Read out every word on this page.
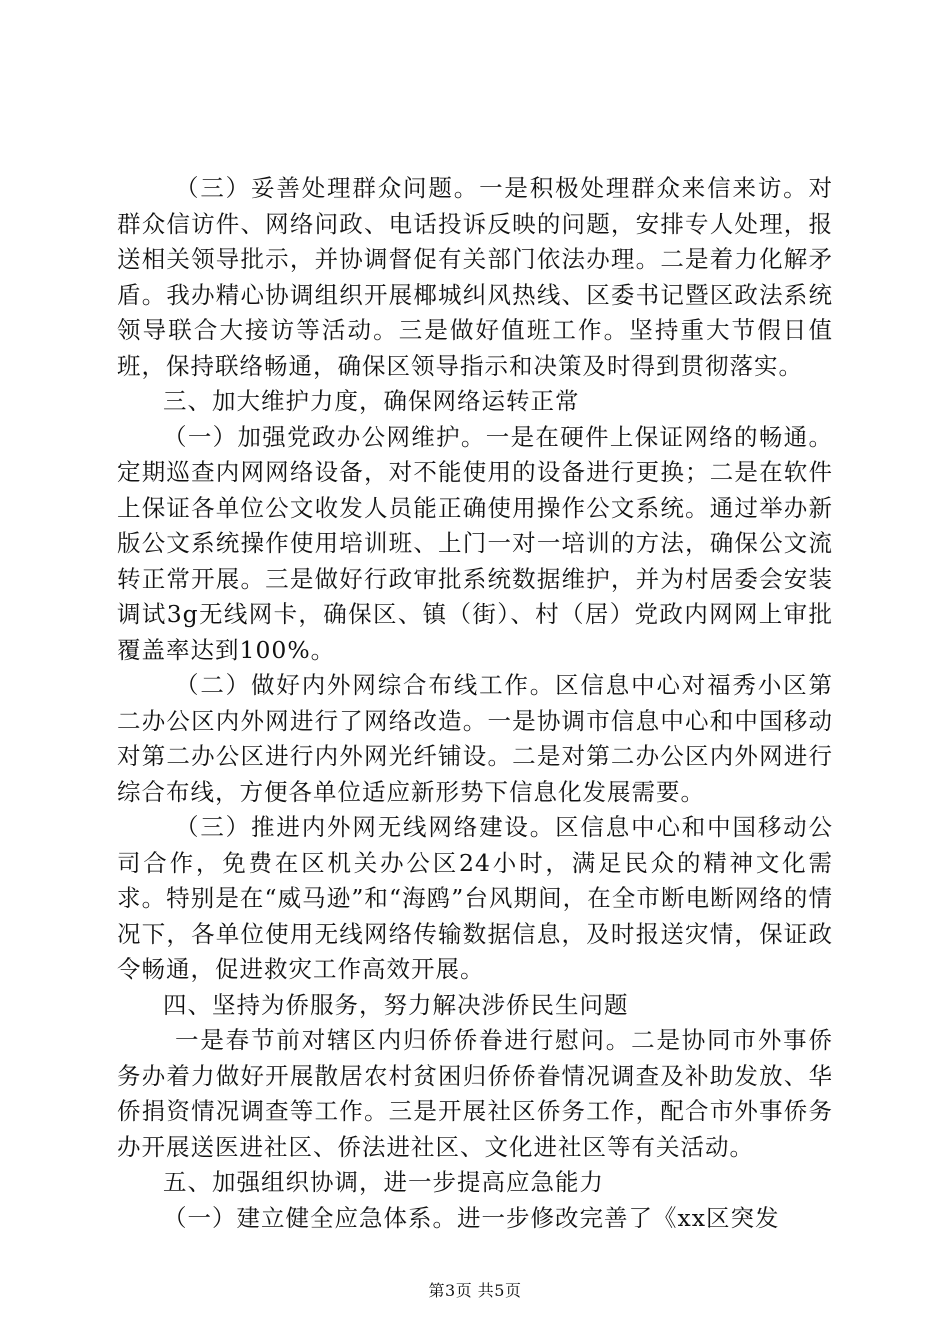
（三）妥善处理群众问题。一是积极处理群众来信来访。对群众信访件、网络问政、电话投诉反映的问题，安排专人处理，报送相关领导批示，并协调督促有关部门依法办理。二是着力化解矛盾。我办精心协调组织开展椰城纠风热线、区委书记暨区政法系统领导联合大接访等活动。三是做好值班工作。坚持重大节假日值班，保持联络畅通，确保区领导指示和决策及时得到贯彻落实。

三、加大维护力度，确保网络运转正常

（一）加强党政办公网维护。一是在硬件上保证网络的畅通。定期巡查内网网络设备，对不能使用的设备进行更换；二是在软件上保证各单位公文收发人员能正确使用操作公文系统。通过举办新版公文系统操作使用培训班、上门一对一培训的方法，确保公文流转正常开展。三是做好行政审批系统数据维护，并为村居委会安装调试3g无线网卡，确保区、镇（街）、村（居）党政内网网上审批覆盖率达到100%。

（二）做好内外网综合布线工作。区信息中心对福秀小区第二办公区内外网进行了网络改造。一是协调市信息中心和中国移动对第二办公区进行内外网光纤铺设。二是对第二办公区内外网进行综合布线，方便各单位适应新形势下信息化发展需要。

（三）推进内外网无线网络建设。区信息中心和中国移动公司合作，免费在区机关办公区24小时，满足民众的精神文化需求。特别是在“威马逊”和“海鸥”台风期间，在全市断电断网络的情况下，各单位使用无线网络传输数据信息，及时报送灾情，保证政令畅通，促进救灾工作高效开展。

四、坚持为侨服务，努力解决涉侨民生问题

一是春节前对辖区内归侨侨眷进行慰问。二是协同市外事侨务办着力做好开展散居农村贫困归侨侨眷情况调查及补助发放、华侨捐资情况调查等工作。三是开展社区侨务工作，配合市外事侨务办开展送医进社区、侨法进社区、文化进社区等有关活动。

五、加强组织协调，进一步提高应急能力

（一）建立健全应急体系。进一步修改完善了《xx区突发

第3页 共5页
